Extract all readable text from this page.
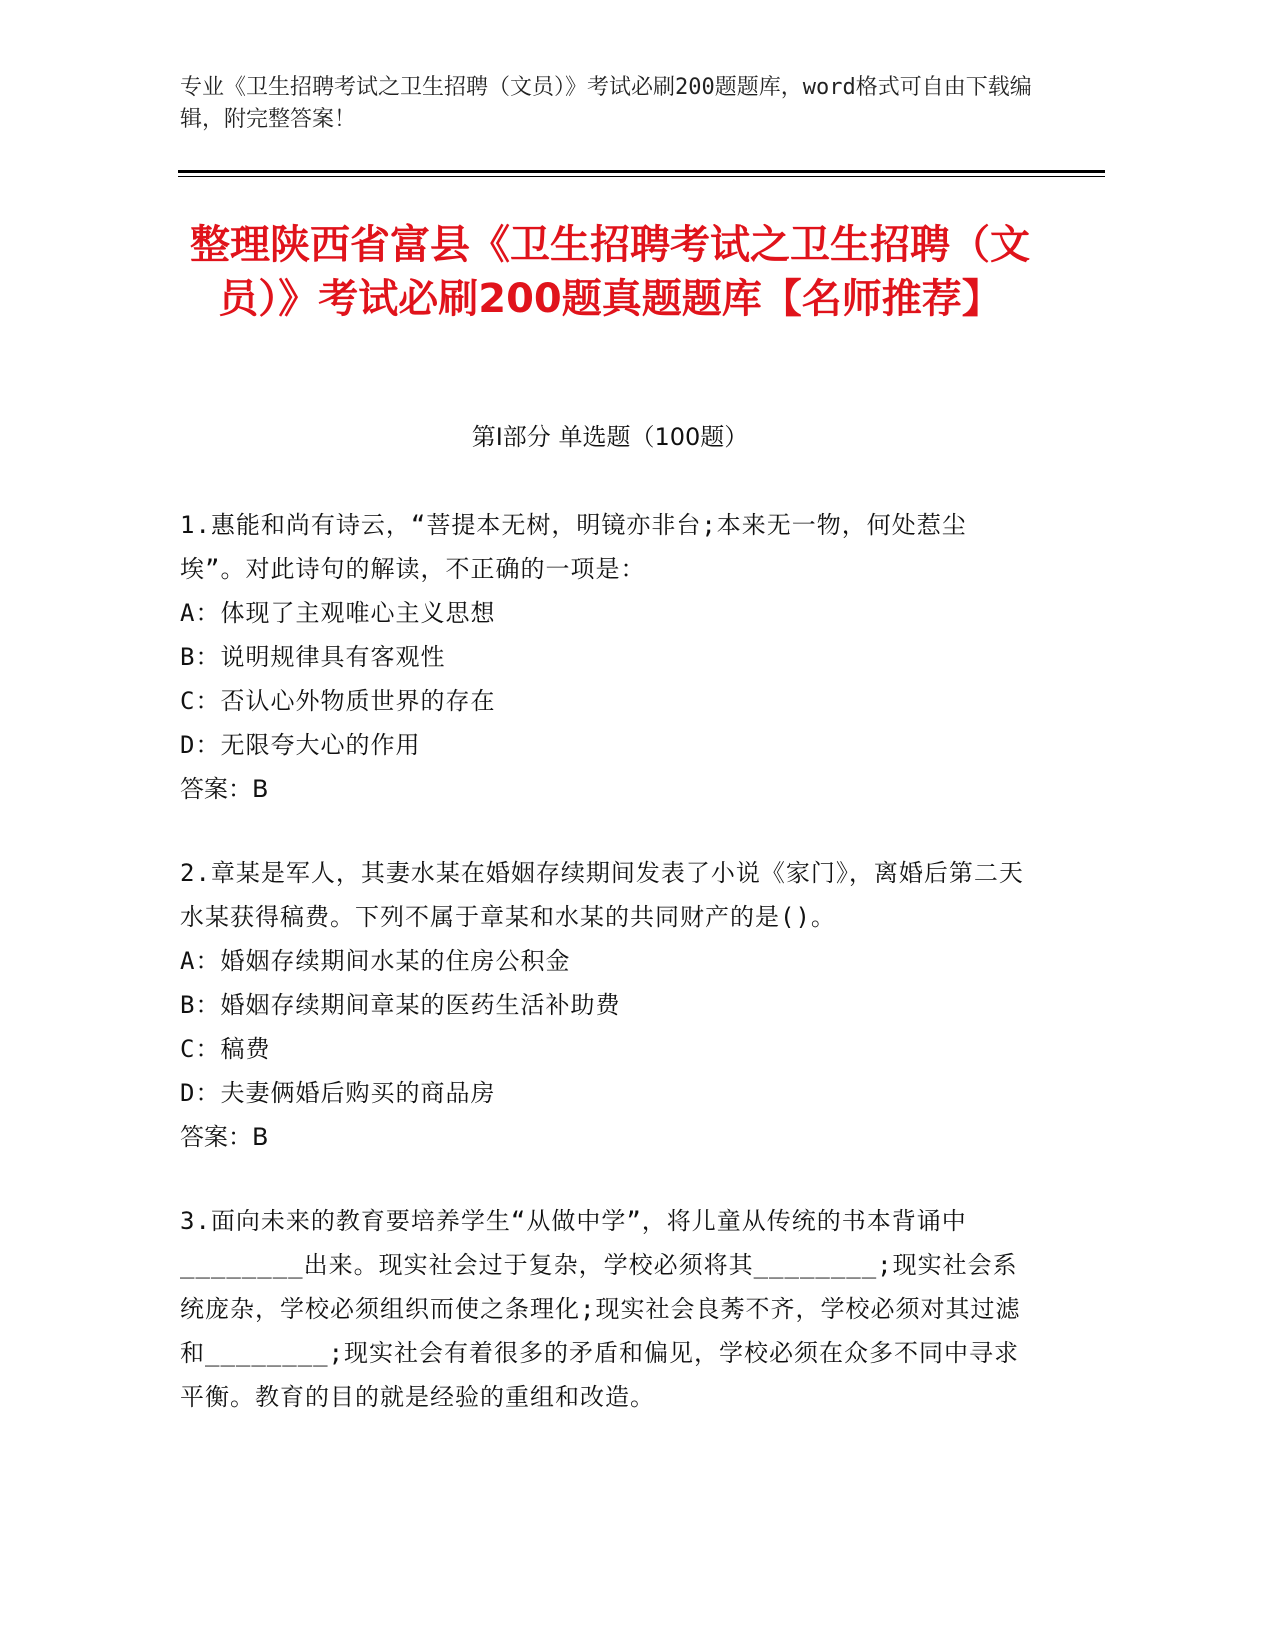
专业《卫生招聘考试之卫生招聘（文员）》考试必刷200题题库，word格式可自由下载编辑，附完整答案！
整理陕西省富县《卫生招聘考试之卫生招聘（文员）》考试必刷200题真题题库【名师推荐】
第I部分 单选题（100题）

1.惠能和尚有诗云，“菩提本无树，明镜亦非台;本来无一物，何处惹尘埃”。对此诗句的解读，不正确的一项是：

A：体现了主观唯心主义思想

B：说明规律具有客观性

C：否认心外物质世界的存在

D：无限夸大心的作用

答案：B

2.章某是军人，其妻水某在婚姻存续期间发表了小说《家门》，离婚后第二天水某获得稿费。下列不属于章某和水某的共同财产的是()。

A：婚姻存续期间水某的住房公积金

B：婚姻存续期间章某的医药生活补助费

C：稿费

D：夫妻俩婚后购买的商品房

答案：B

3.面向未来的教育要培养学生“从做中学”，将儿童从传统的书本背诵中________出来。现实社会过于复杂，学校必须将其________;现实社会系统庞杂，学校必须组织而使之条理化;现实社会良莠不齐，学校必须对其过滤和________;现实社会有着很多的矛盾和偏见，学校必须在众多不同中寻求平衡。教育的目的就是经验的重组和改造。
